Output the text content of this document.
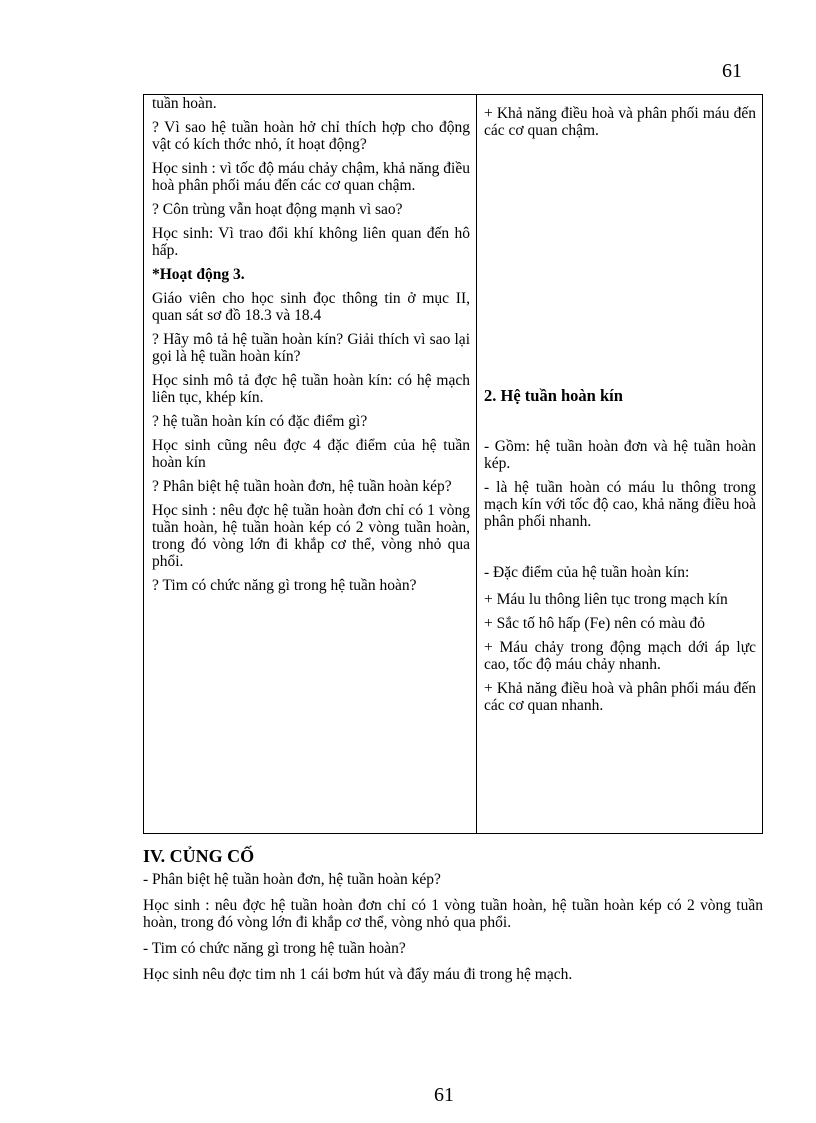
61

tuần hoàn.

? Vì sao hệ tuần hoàn hở chỉ thích hợp cho động vật có kích thớc nhỏ, ít hoạt động?

Học sinh : vì tốc độ máu chảy chậm, khả năng điều hoà phân phối máu đến các cơ quan chậm.

? Côn trùng vẫn hoạt động mạnh vì sao?

Học sinh: Vì trao đổi khí không liên quan đến hô hấp.

*Hoạt động 3.

Giáo viên cho học sinh đọc thông tin ở mục II, quan sát sơ đồ 18.3 và 18.4

? Hãy mô tả hệ tuần hoàn kín? Giải thích vì sao lại gọi là hệ tuần hoàn kín?

Học sinh mô tả đợc hệ tuần hoàn kín: có hệ mạch liên tục, khép kín.

? hệ tuần hoàn kín có đặc điểm gì?

Học sinh cũng nêu đợc 4 đặc điểm của hệ tuần hoàn kín

? Phân biệt hệ tuần hoàn đơn, hệ tuần hoàn kép?

Học sinh : nêu đợc hệ tuần hoàn đơn chỉ có 1 vòng tuần hoàn, hệ tuần hoàn kép có 2 vòng tuần hoàn, trong đó vòng lớn đi khắp cơ thể, vòng nhỏ qua phổi.

? Tim có chức năng gì trong hệ tuần hoàn?

+ Khả năng điều hoà và phân phối máu đến các cơ quan chậm.

2. Hệ tuần hoàn kín

- Gồm: hệ tuần hoàn đơn và hệ tuần hoàn kép.

- là hệ tuần hoàn có máu lu thông trong mạch kín với tốc độ cao, khả năng điều hoà phân phối nhanh.

- Đặc điểm của hệ tuần hoàn kín:

+ Máu lu thông liên tục trong mạch kín

+ Sắc tố hô hấp (Fe) nên có màu đỏ

+ Máu chảy trong động mạch dới áp lực cao, tốc độ máu chảy nhanh.

+ Khả năng điều hoà và phân phối máu đến các cơ quan nhanh.

IV. CỦNG CỐ

- Phân biệt hệ tuần hoàn đơn, hệ tuần hoàn kép?

Học sinh : nêu đợc hệ tuần hoàn đơn chỉ có 1 vòng tuần hoàn, hệ tuần hoàn kép có 2 vòng tuần hoàn, trong đó vòng lớn đi khắp cơ thể, vòng nhỏ qua phổi.

- Tim có chức năng gì trong hệ tuần hoàn?

Học sinh nêu đợc tim nh 1 cái bơm hút và đẩy máu đi trong hệ mạch.

61
